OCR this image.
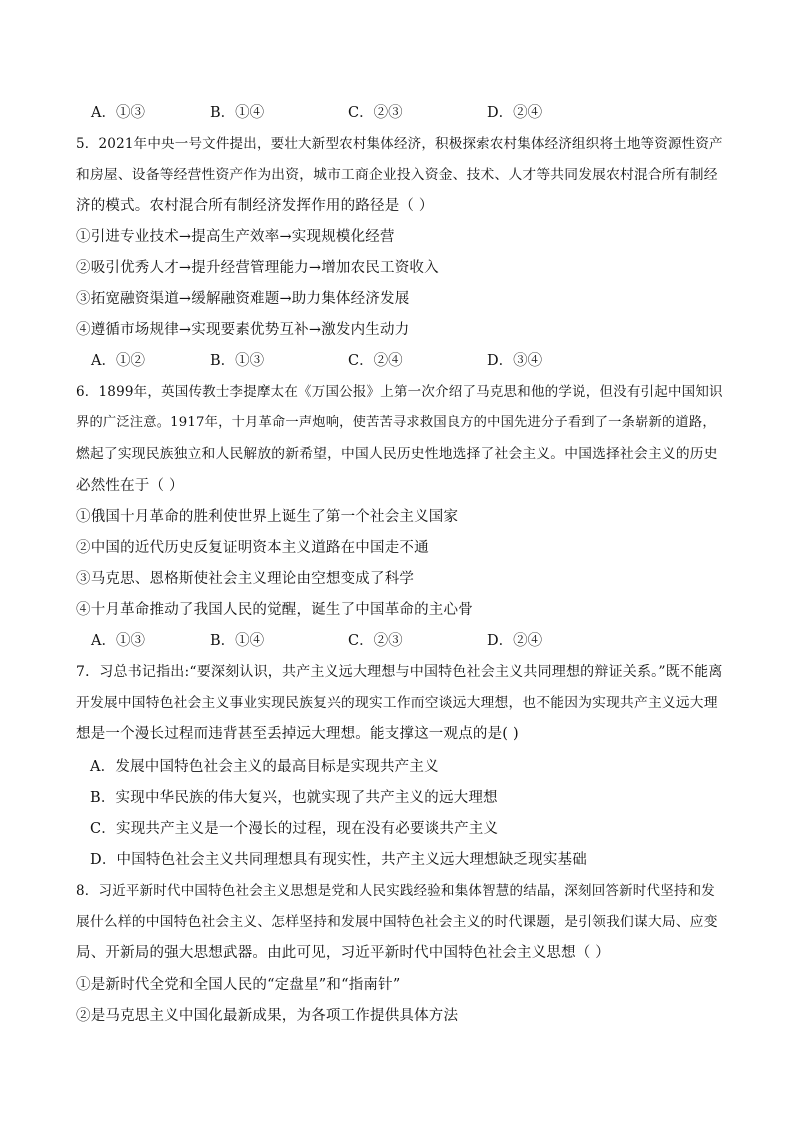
A．①③	B．①④	C．②③	D．②④
5．2021年中央一号文件提出，要壮大新型农村集体经济，积极探索农村集体经济组织将土地等资源性资产
和房屋、设备等经营性资产作为出资，城市工商企业投入资金、技术、人才等共同发展农村混合所有制经
济的模式。农村混合所有制经济发挥作用的路径是（ ）
①引进专业技术→提高生产效率→实现规模化经营
②吸引优秀人才→提升经营管理能力→增加农民工资收入
③拓宽融资渠道→缓解融资难题→助力集体经济发展
④遵循市场规律→实现要素优势互补→激发内生动力
A．①②	B．①③	C．②④	D．③④
6．1899年，英国传教士李提摩太在《万国公报》上第一次介绍了马克思和他的学说，但没有引起中国知识
界的广泛注意。1917年，十月革命一声炮响，使苦苦寻求救国良方的中国先进分子看到了一条崭新的道路，
燃起了实现民族独立和人民解放的新希望，中国人民历史性地选择了社会主义。中国选择社会主义的历史
必然性在于（ ）
①俄国十月革命的胜利使世界上诞生了第一个社会主义国家
②中国的近代历史反复证明资本主义道路在中国走不通
③马克思、恩格斯使社会主义理论由空想变成了科学
④十月革命推动了我国人民的觉醒，诞生了中国革命的主心骨
A．①③	B．①④	C．②③	D．②④
7．习总书记指出:“要深刻认识，共产主义远大理想与中国特色社会主义共同理想的辩证关系。”既不能离
开发展中国特色社会主义事业实现民族复兴的现实工作而空谈远大理想，也不能因为实现共产主义远大理
想是一个漫长过程而违背甚至丢掉远大理想。能支撑这一观点的是( )
A．发展中国特色社会主义的最高目标是实现共产主义
B．实现中华民族的伟大复兴，也就实现了共产主义的远大理想
C．实现共产主义是一个漫长的过程，现在没有必要谈共产主义
D．中国特色社会主义共同理想具有现实性，共产主义远大理想缺乏现实基础
8．习近平新时代中国特色社会主义思想是党和人民实践经验和集体智慧的结晶，深刻回答新时代坚持和发
展什么样的中国特色社会主义、怎样坚持和发展中国特色社会主义的时代课题，是引领我们谋大局、应变
局、开新局的强大思想武器。由此可见，习近平新时代中国特色社会主义思想（ ）
①是新时代全党和全国人民的“定盘星”和“指南针”
②是马克思主义中国化最新成果，为各项工作提供具体方法
